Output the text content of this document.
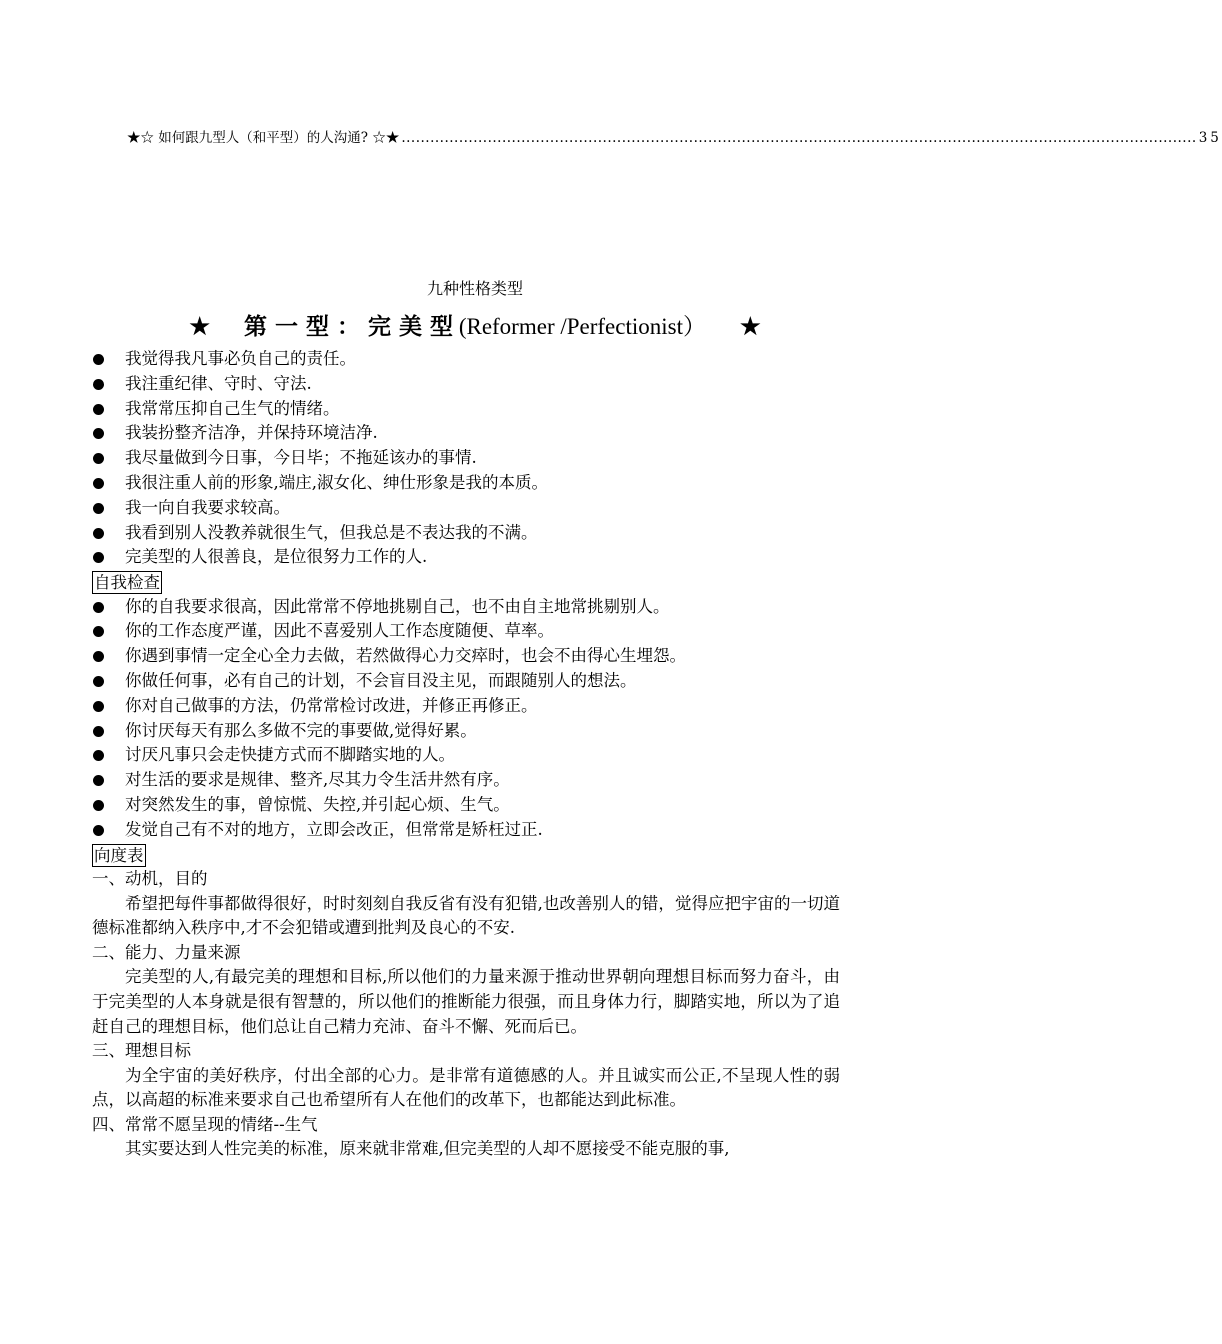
★☆ 如何跟九型人（和平型）的人沟通? ☆★ ...................................................................................................................................................................... 35
九种性格类型
★ 第 一 型 ： 完 美 型 (Reformer /Perfectionist） ★
我觉得我凡事必负自己的责任。
我注重纪律、守时、守法.
我常常压抑自己生气的情绪。
我装扮整齐洁净，并保持环境洁净.
我尽量做到今日事，今日毕；不拖延该办的事情.
我很注重人前的形象,端庄,淑女化、绅仕形象是我的本质。
我一向自我要求较高。
我看到别人没教养就很生气，但我总是不表达我的不满。
完美型的人很善良，是位很努力工作的人.
自我检查
你的自我要求很高，因此常常不停地挑剔自己，也不由自主地常挑剔别人。
你的工作态度严谨，因此不喜爱别人工作态度随便、草率。
你遇到事情一定全心全力去做，若然做得心力交瘁时，也会不由得心生埋怨。
你做任何事，必有自己的计划，不会盲目没主见，而跟随别人的想法。
你对自己做事的方法，仍常常检讨改进，并修正再修正。
你讨厌每天有那么多做不完的事要做,觉得好累。
讨厌凡事只会走快捷方式而不脚踏实地的人。
对生活的要求是规律、整齐,尽其力令生活井然有序。
对突然发生的事，曾惊慌、失控,并引起心烦、生气。
发觉自己有不对的地方，立即会改正，但常常是矫枉过正.
向度表
一、动机，目的

希望把每件事都做得很好，时时刻刻自我反省有没有犯错,也改善别人的错，觉得应把宇宙的一切道德标准都纳入秩序中,才不会犯错或遭到批判及良心的不安.

二、能力、力量来源

完美型的人,有最完美的理想和目标,所以他们的力量来源于推动世界朝向理想目标而努力奋斗，由于完美型的人本身就是很有智慧的，所以他们的推断能力很强，而且身体力行，脚踏实地，所以为了追赶自己的理想目标，他们总让自己精力充沛、奋斗不懈、死而后已。

三、理想目标

为全宇宙的美好秩序，付出全部的心力。是非常有道德感的人。并且诚实而公正,不呈现人性的弱点，以高超的标准来要求自己也希望所有人在他们的改革下，也都能达到此标准。

四、常常不愿呈现的情绪--生气

其实要达到人性完美的标准，原来就非常难,但完美型的人却不愿接受不能克服的事,
